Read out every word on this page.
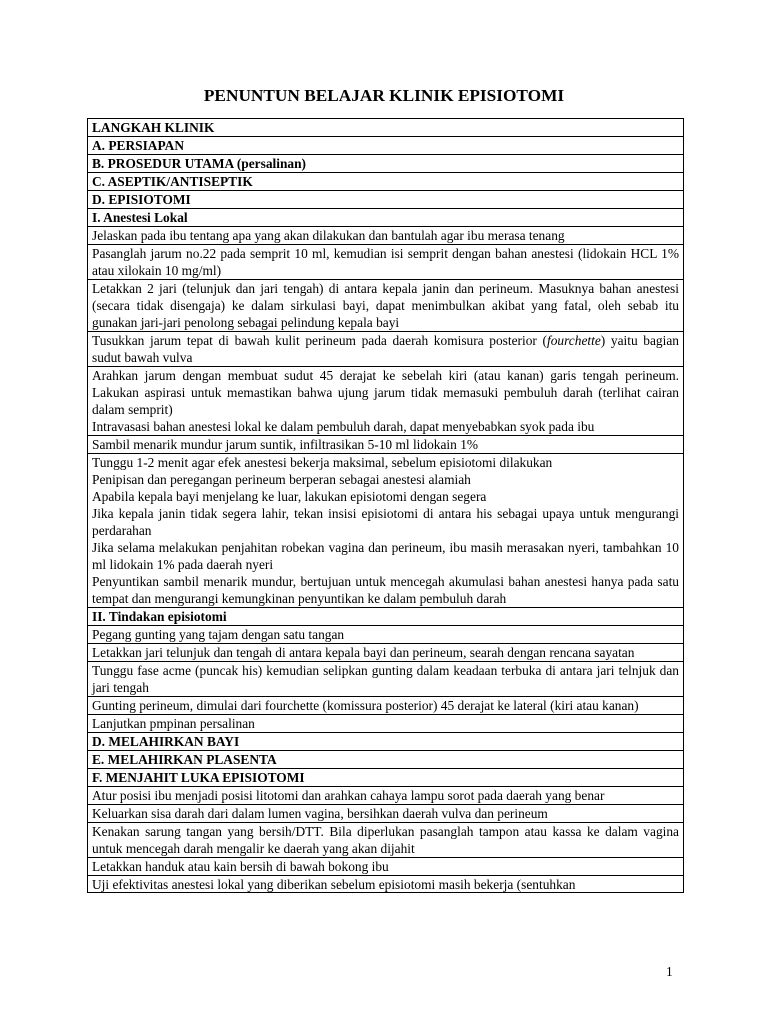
PENUNTUN BELAJAR KLINIK EPISIOTOMI
LANGKAH KLINIK
A. PERSIAPAN
B. PROSEDUR UTAMA (persalinan)
C. ASEPTIK/ANTISEPTIK
D. EPISIOTOMI
I. Anestesi Lokal
Jelaskan pada ibu tentang apa yang akan dilakukan dan bantulah agar ibu merasa tenang
Pasanglah jarum no.22 pada semprit 10 ml, kemudian isi semprit dengan bahan anestesi (lidokain HCL 1% atau xilokain 10 mg/ml)
Letakkan 2 jari (telunjuk dan jari tengah) di antara kepala janin dan perineum. Masuknya bahan anestesi (secara tidak disengaja) ke dalam sirkulasi bayi, dapat menimbulkan akibat yang fatal, oleh sebab itu gunakan jari-jari penolong sebagai pelindung kepala bayi
Tusukkan jarum tepat di bawah kulit perineum pada daerah komisura posterior (fourchette) yaitu bagian sudut bawah vulva
Arahkan jarum dengan membuat sudut 45 derajat ke sebelah kiri (atau kanan) garis tengah perineum. Lakukan aspirasi untuk memastikan bahwa ujung jarum tidak memasuki pembuluh darah (terlihat cairan dalam semprit)
Intravasasi bahan anestesi lokal ke dalam pembuluh darah, dapat menyebabkan syok pada ibu
Sambil menarik mundur jarum suntik, infiltrasikan 5-10 ml lidokain 1%
Tunggu 1-2 menit agar efek anestesi bekerja maksimal, sebelum episiotomi dilakukan
Penipisan dan peregangan perineum berperan sebagai anestesi alamiah
Apabila kepala bayi menjelang ke luar, lakukan episiotomi dengan segera
Jika kepala janin tidak segera lahir, tekan insisi episiotomi di antara his sebagai upaya untuk mengurangi perdarahan
Jika selama melakukan penjahitan robekan vagina dan perineum, ibu masih merasakan nyeri, tambahkan 10 ml lidokain 1% pada daerah nyeri
Penyuntikan sambil menarik mundur, bertujuan untuk mencegah akumulasi bahan anestesi hanya pada satu tempat dan mengurangi kemungkinan penyuntikan ke dalam pembuluh darah
II. Tindakan episiotomi
Pegang gunting yang tajam dengan satu tangan
Letakkan jari telunjuk dan tengah di antara kepala bayi dan perineum, searah dengan rencana sayatan
Tunggu fase acme (puncak his) kemudian selipkan gunting dalam keadaan terbuka di antara jari telnjuk dan jari tengah
Gunting perineum, dimulai dari fourchette (komissura posterior) 45 derajat ke lateral (kiri atau kanan)
Lanjutkan pmpinan persalinan
D. MELAHIRKAN BAYI
E. MELAHIRKAN PLASENTA
F. MENJAHIT LUKA EPISIOTOMI
Atur posisi ibu menjadi posisi litotomi dan arahkan cahaya lampu sorot pada daerah yang benar
Keluarkan sisa darah dari dalam lumen vagina, bersihkan daerah vulva dan perineum
Kenakan sarung tangan yang bersih/DTT. Bila diperlukan pasanglah tampon atau kassa ke dalam vagina untuk mencegah darah mengalir ke daerah yang akan dijahit
Letakkan handuk atau kain bersih di bawah bokong ibu
Uji efektivitas anestesi lokal yang diberikan sebelum episiotomi masih bekerja (sentuhkan
1
